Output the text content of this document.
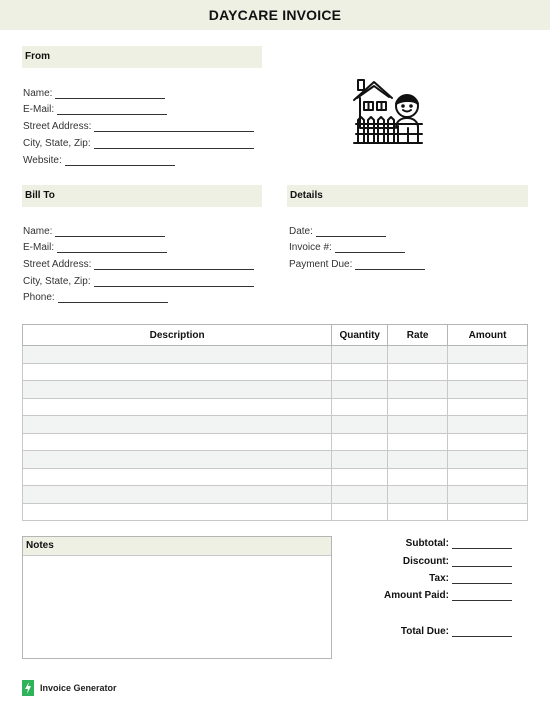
DAYCARE INVOICE
From
Name:
E-Mail:
Street Address:
City, State, Zip:
Website:
Bill To
Name:
E-Mail:
Street Address:
City, State, Zip:
Phone:
Details
Date:
Invoice #:
Payment Due:
Description	Quantity	Rate	Amount

Notes	Subtotal:
Discount:
Tax:
Amount Paid:
Total Due:
Invoice Generator
